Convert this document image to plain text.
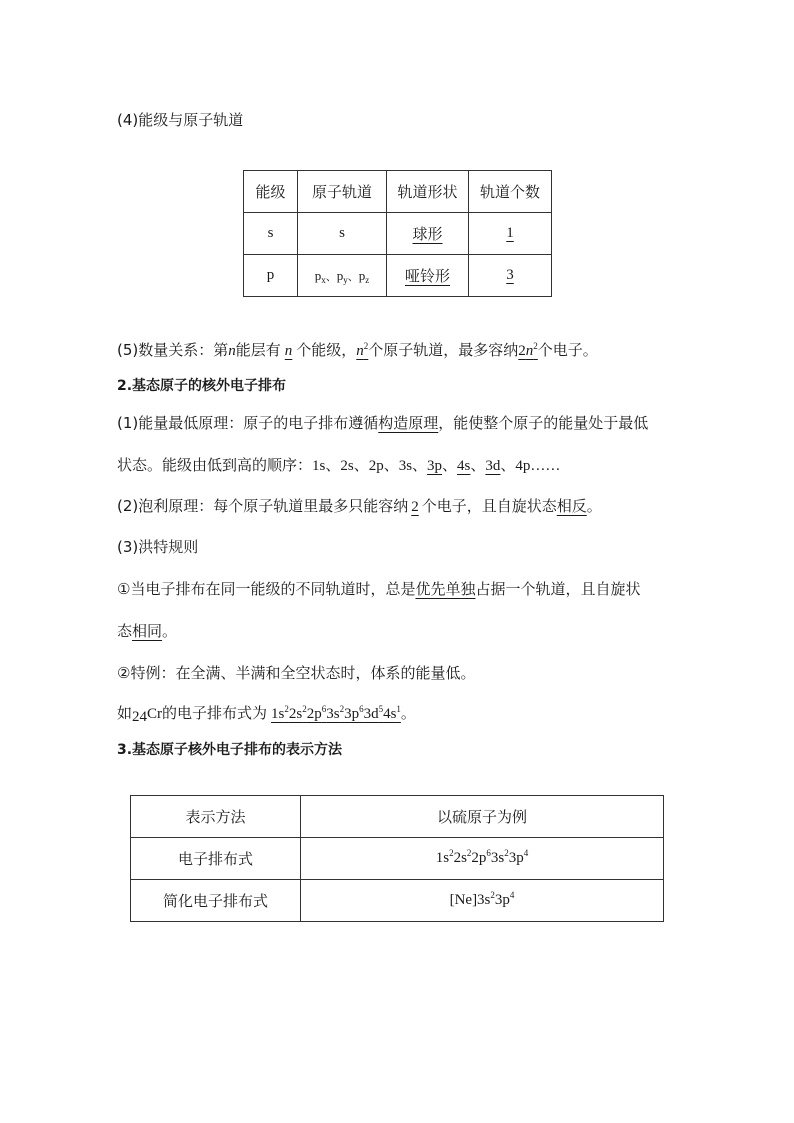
(4)能级与原子轨道
能级	原子轨道	轨道形状	轨道个数
s	s	球形	1
p	$p_x$、$p_y$、$p_z$	哑铃形	3
(5)数量关系：第n能层有 n 个能级，$n^2$个原子轨道，最多容纳$2n^2$个电子。
2.基态原子的核外电子排布
(1)能量最低原理：原子的电子排布遵循构造原理，能使整个原子的能量处于最低
状态。能级由低到高的顺序：1s、2s、2p、3s、3p、4s、3d、4p……
(2)泡利原理：每个原子轨道里最多只能容纳 2 个电子，且自旋状态相反。
(3)洪特规则
①当电子排布在同一能级的不同轨道时，总是优先单独占据一个轨道，且自旋状
态相同。
②特例：在全满、半满和全空状态时，体系的能量低。
如$_{24}$Cr的电子排布式为 $1s^22s^22p^63s^23p^63d^54s^1$。
3.基态原子核外电子排布的表示方法
表示方法	以硫原子为例
电子排布式	$1s^22s^22p^63s^23p^4$
简化电子排布式	$[Ne]3s^23p^4$
